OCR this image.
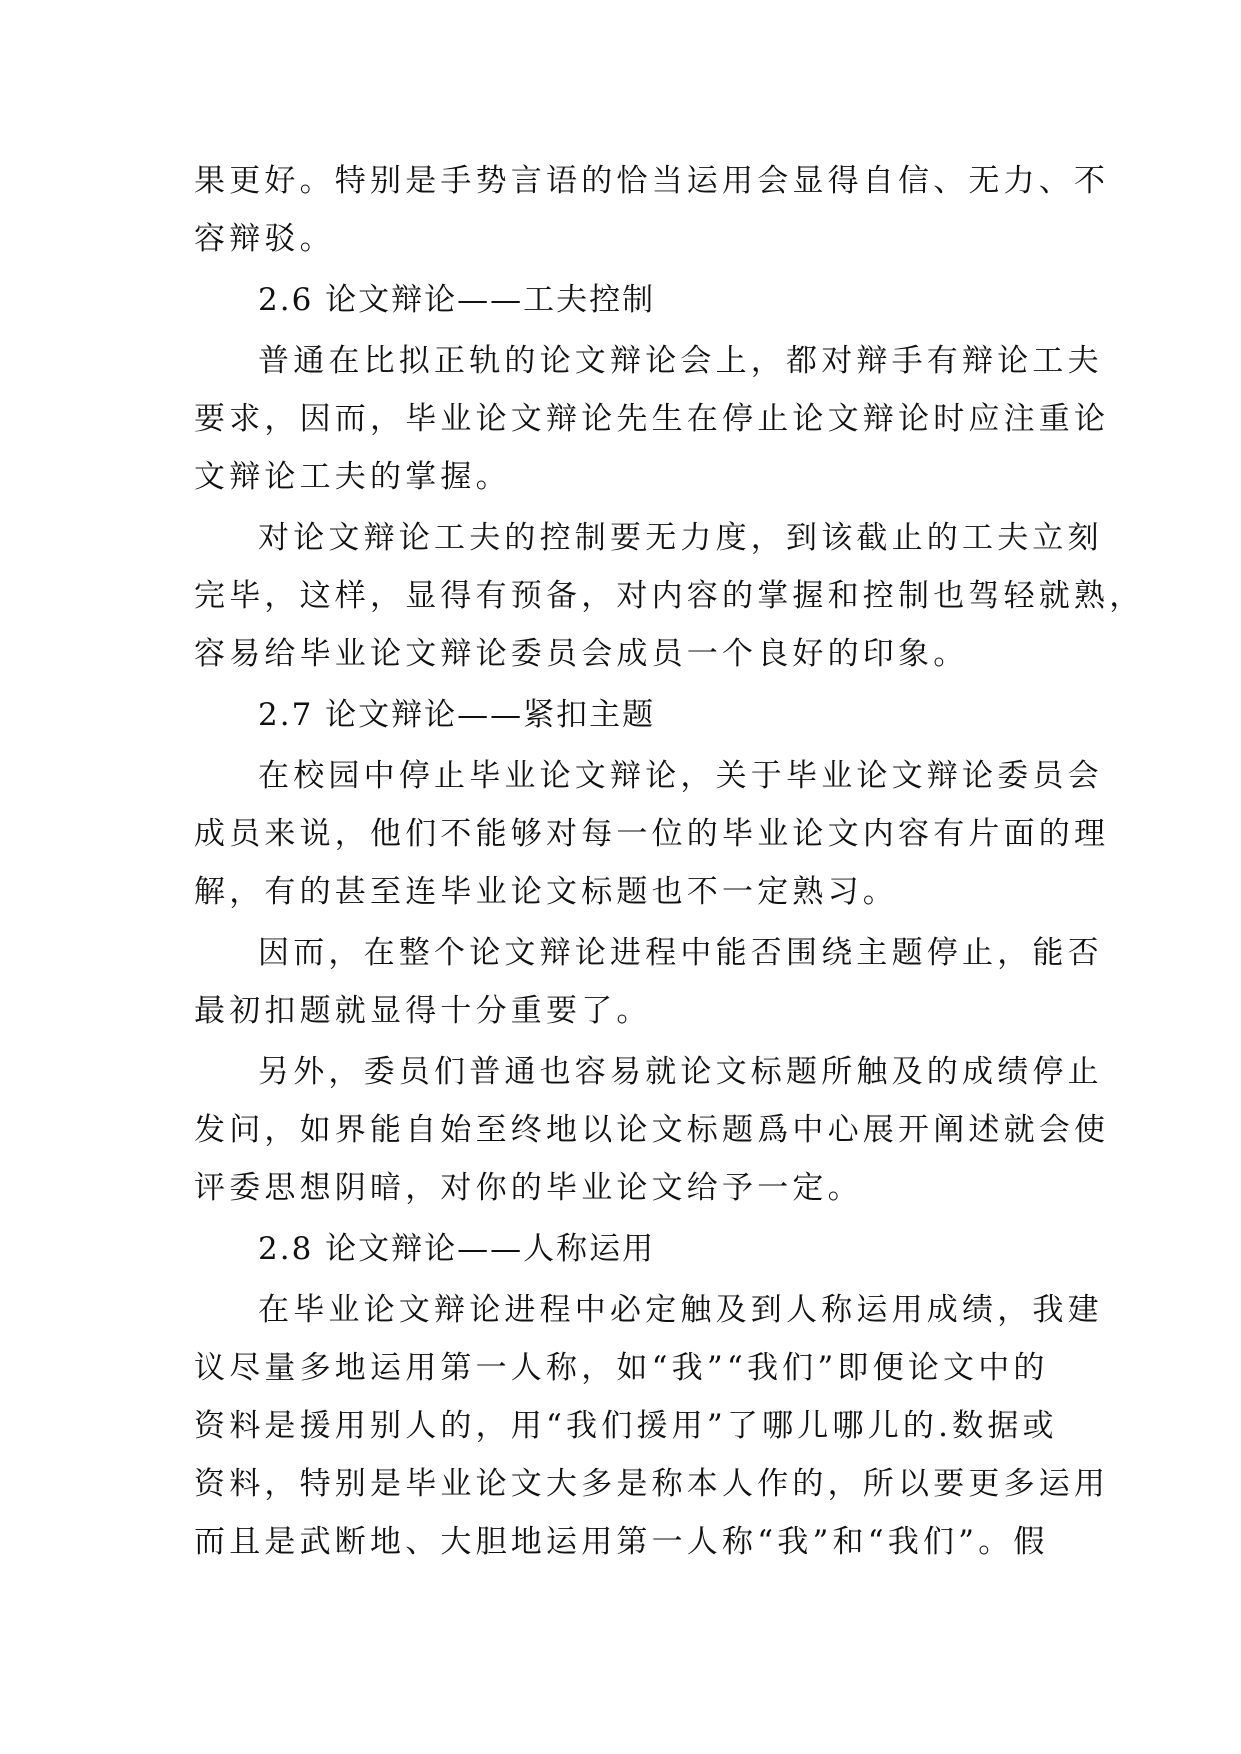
果更好。特别是手势言语的恰当运用会显得自信、无力、不
容辩驳。
2.6 论文辩论——工夫控制
普通在比拟正轨的论文辩论会上，都对辩手有辩论工夫
要求，因而，毕业论文辩论先生在停止论文辩论时应注重论
文辩论工夫的掌握。
对论文辩论工夫的控制要无力度，到该截止的工夫立刻
完毕，这样，显得有预备，对内容的掌握和控制也驾轻就熟，
容易给毕业论文辩论委员会成员一个良好的印象。
2.7 论文辩论——紧扣主题
在校园中停止毕业论文辩论，关于毕业论文辩论委员会
成员来说，他们不能够对每一位的毕业论文内容有片面的理
解，有的甚至连毕业论文标题也不一定熟习。
因而，在整个论文辩论进程中能否围绕主题停止，能否
最初扣题就显得十分重要了。
另外，委员们普通也容易就论文标题所触及的成绩停止
发问，如界能自始至终地以论文标题爲中心展开阐述就会使
评委思想阴暗，对你的毕业论文给予一定。
2.8 论文辩论——人称运用
在毕业论文辩论进程中必定触及到人称运用成绩，我建
议尽量多地运用第一人称，如“我”“我们”即便论文中的
资料是援用别人的，用“我们援用”了哪儿哪儿的.数据或
资料，特别是毕业论文大多是称本人作的，所以要更多运用
而且是武断地、大胆地运用第一人称“我”和“我们”。假
